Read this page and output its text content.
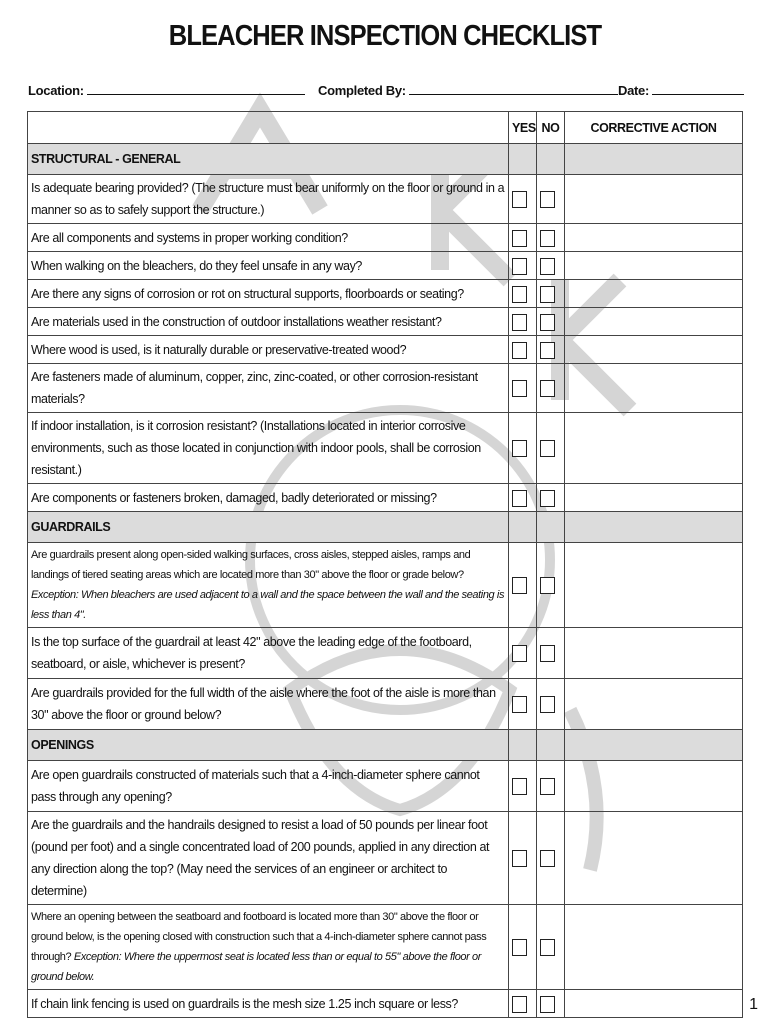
BLEACHER INSPECTION CHECKLIST
Location:	Completed By:	Date:
	YES	NO	CORRECTIVE ACTION
STRUCTURAL - GENERAL			
Is adequate bearing provided? (The structure must bear uniformly on the floor or ground in a manner so as to safely support the structure.)			
Are all components and systems in proper working condition?			
When walking on the bleachers, do they feel unsafe in any way?			
Are there any signs of corrosion or rot on structural supports, floorboards or seating?			
Are materials used in the construction of outdoor installations weather resistant?			
Where wood is used, is it naturally durable or preservative-treated wood?			
Are fasteners made of aluminum, copper, zinc, zinc-coated, or other corrosion-resistant materials?			
If indoor installation, is it corrosion resistant? (Installations located in interior corrosive environments, such as those located in conjunction with indoor pools, shall be corrosion resistant.)			
Are components or fasteners broken, damaged, badly deteriorated or missing?			
GUARDRAILS			
Are guardrails present along open-sided walking surfaces, cross aisles, stepped aisles, ramps and landings of tiered seating areas which are located more than 30" above the floor or grade below? Exception: When bleachers are used adjacent to a wall and the space between the wall and the seating is less than 4".			
Is the top surface of the guardrail at least 42" above the leading edge of the footboard, seatboard, or aisle, whichever is present?			
Are guardrails provided for the full width of the aisle where the foot of the aisle is more than 30" above the floor or ground below?			
OPENINGS			
Are open guardrails constructed of materials such that a 4-inch-diameter sphere cannot pass through any opening?			
Are the guardrails and the handrails designed to resist a load of 50 pounds per linear foot (pound per foot) and a single concentrated load of 200 pounds, applied in any direction at any direction along the top? (May need the services of an engineer or architect to determine)			
Where an opening between the seatboard and footboard is located more than 30" above the floor or ground below, is the opening closed with construction such that a 4-inch-diameter sphere cannot pass through? Exception: Where the uppermost seat is located less than or equal to 55" above the floor or ground below.			
If chain link fencing is used on guardrails is the mesh size 1.25 inch square or less?				1
